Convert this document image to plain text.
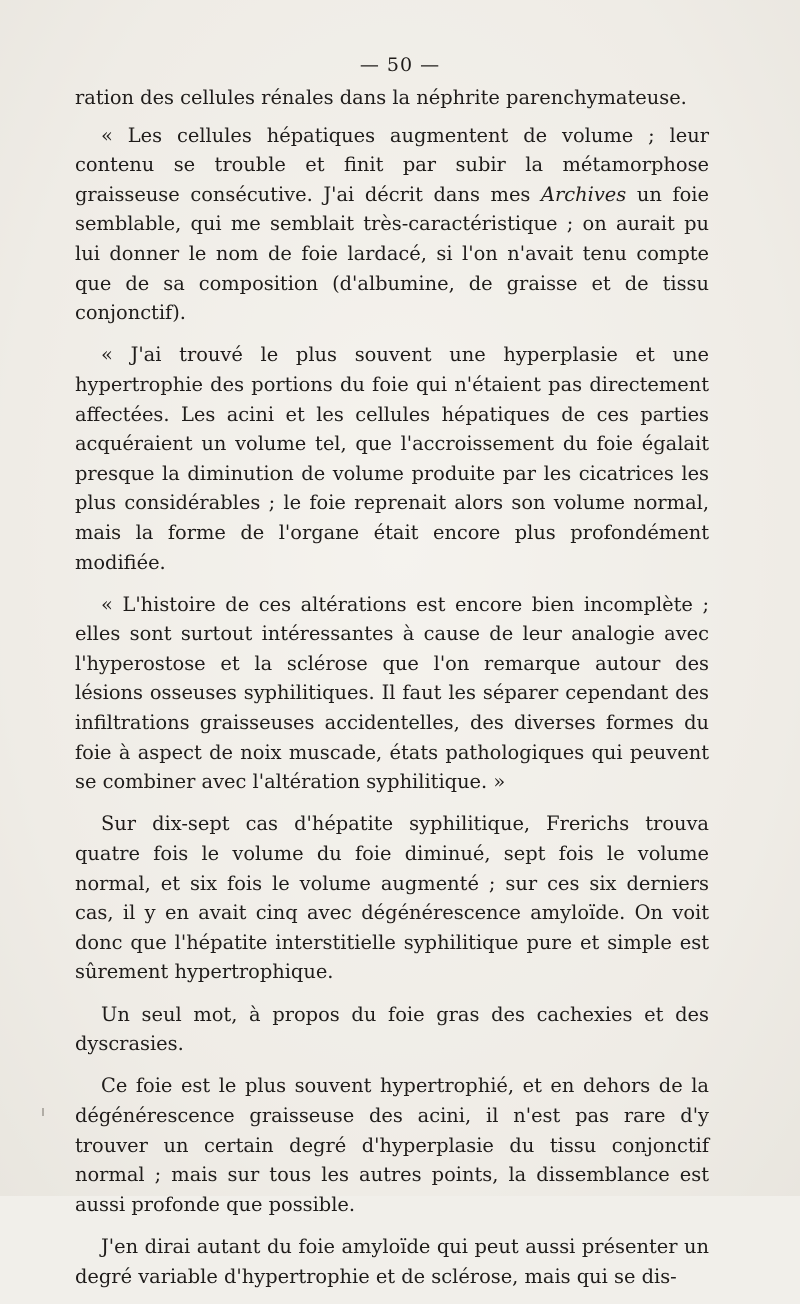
— 50 —

ration des cellules rénales dans la néphrite parenchymateuse.

« Les cellules hépatiques augmentent de volume ; leur contenu se trouble et finit par subir la métamorphose graisseuse consécutive. J'ai décrit dans mes Archives un foie semblable, qui me semblait très-caractéristique ; on aurait pu lui donner le nom de foie lardacé, si l'on n'avait tenu compte que de sa composition (d'albumine, de graisse et de tissu conjonctif).

« J'ai trouvé le plus souvent une hyperplasie et une hypertrophie des portions du foie qui n'étaient pas directement affectées. Les acini et les cellules hépatiques de ces parties acquéraient un volume tel, que l'accroissement du foie égalait presque la diminution de volume produite par les cicatrices les plus considérables ; le foie reprenait alors son volume normal, mais la forme de l'organe était encore plus profondément modifiée.

« L'histoire de ces altérations est encore bien incomplète ; elles sont surtout intéressantes à cause de leur analogie avec l'hyperostose et la sclérose que l'on remarque autour des lésions osseuses syphilitiques. Il faut les séparer cependant des infiltrations graisseuses accidentelles, des diverses formes du foie à aspect de noix muscade, états pathologiques qui peuvent se combiner avec l'altération syphilitique. »

Sur dix-sept cas d'hépatite syphilitique, Frerichs trouva quatre fois le volume du foie diminué, sept fois le volume normal, et six fois le volume augmenté ; sur ces six derniers cas, il y en avait cinq avec dégénérescence amyloïde. On voit donc que l'hépatite interstitielle syphilitique pure et simple est sûrement hypertrophique.

Un seul mot, à propos du foie gras des cachexies et des dyscrasies.

Ce foie est le plus souvent hypertrophié, et en dehors de la dégénérescence graisseuse des acini, il n'est pas rare d'y trouver un certain degré d'hyperplasie du tissu conjonctif normal ; mais sur tous les autres points, la dissemblance est aussi profonde que possible.

J'en dirai autant du foie amyloïde qui peut aussi présenter un degré variable d'hypertrophie et de sclérose, mais qui se dis-
